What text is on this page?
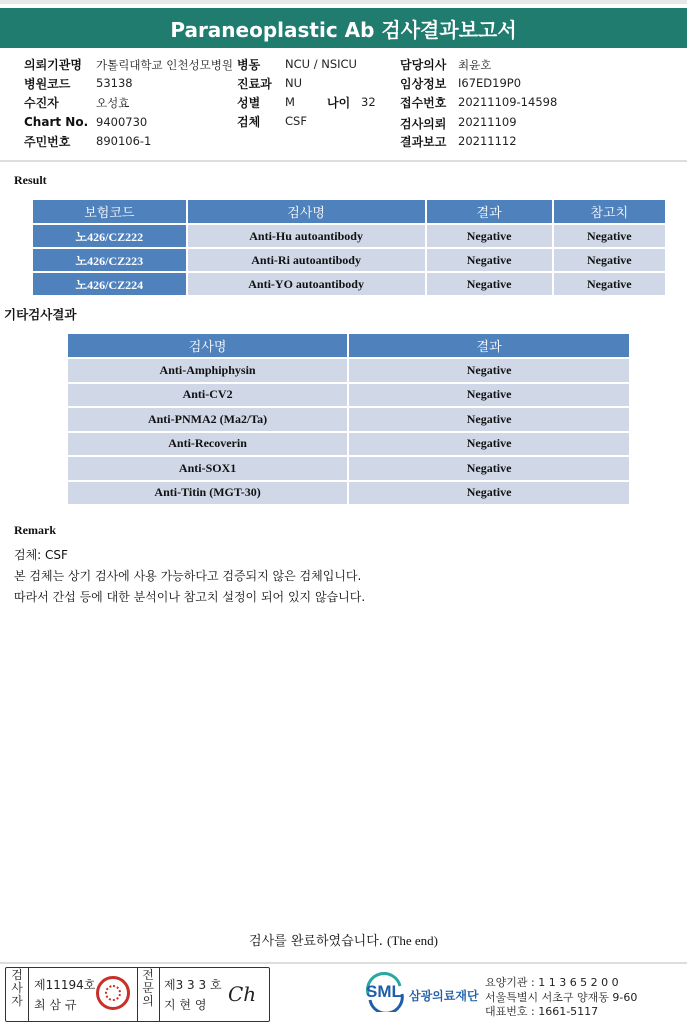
Paraneoplastic Ab 검사결과보고서
의뢰기관명 가톨릭대학교 인천성모병원 병동 NCU / NSICU	담당의사 최윤호
병원코드 53138	진료과 NU	임상정보 I67ED19P0
수진자	오성효	성별 M	나이 32 접수번호 20211109-14598
Chart No. 9400730	검체 CSF	검사의뢰 20211109
주민번호 890106-1	결과보고 20211112
Result
보험코드	검사명	결과	참고치
노426/CZ222	Anti-Hu autoantibody	Negative	Negative
노426/CZ223	Anti-Ri autoantibody	Negative	Negative
노426/CZ224	Anti-YO autoantibody	Negative	Negative
기타검사결과
검사명	결과
Anti-Amphiphysin	Negative
Anti-CV2	Negative
Anti-PNMA2 (Ma2/Ta)	Negative
Anti-Recoverin	Negative
Anti-SOX1	Negative
Anti-Titin (MGT-30)	Negative
Remark
검체: CSF
본 검체는 상기 검사에 사용 가능하다고 검증되지 않은 검체입니다.
따라서 간섭 등에 대한 분석이나 참고치 설정이 되어 있지 않습니다.
검사를 완료하였습니다. (The end)
검
사
자
제11194호
최 삼 규
전
문
의
제3 3 3 호
지 현 영 Ch	SML 삼광의료재단
요양기관 : 1 1 3 6 5 2 0 0
서울특별시 서초구 양재동 9-60
대표번호 : 1661-5117
